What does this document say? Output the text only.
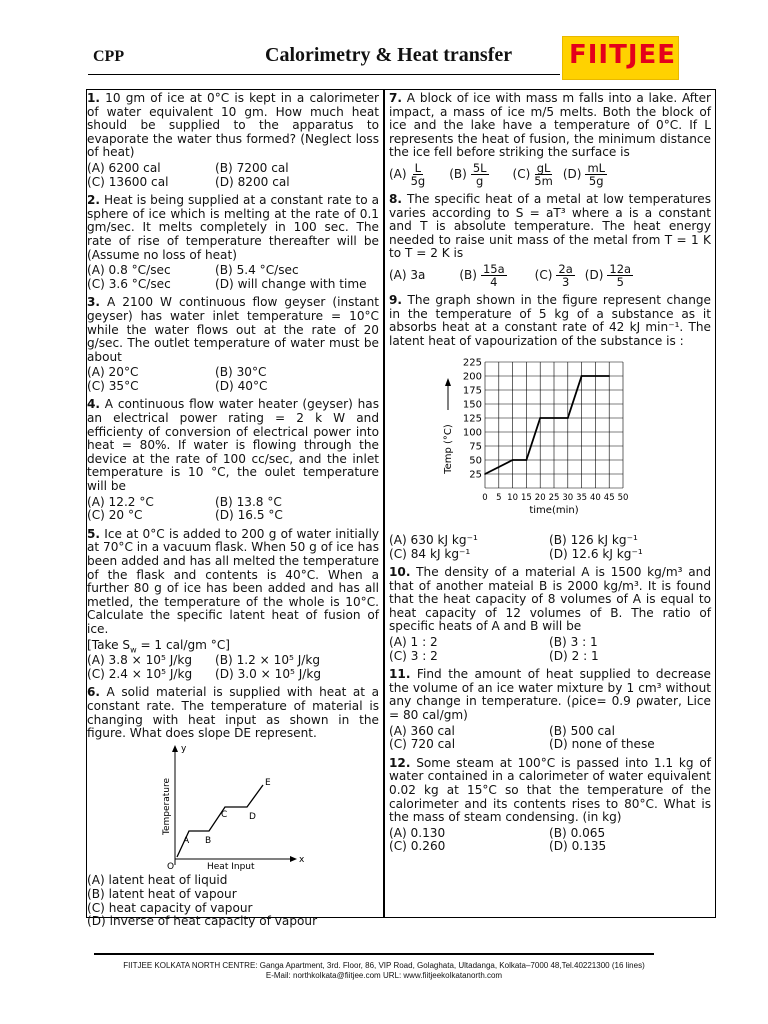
CPP	Calorimetry & Heat transfer FIITJEE

1. 10 gm of ice at 0°C is kept in a calorimeter of water equivalent 10 gm. How much heat should be supplied to the apparatus to evaporate the water thus formed? (Neglect loss of heat)

(A) 6200 cal	(B) 7200 cal
(C) 13600 cal	(D) 8200 cal

2. Heat is being supplied at a constant rate to a sphere of ice which is melting at the rate of 0.1 gm/sec. It melts completely in 100 sec. The rate of rise of temperature thereafter will be (Assume no loss of heat)

(A) 0.8 °C/sec	(B) 5.4 °C/sec
(C) 3.6 °C/sec	(D) will change with time

3. A 2100 W continuous flow geyser (instant geyser) has water inlet temperature = 10°C while the water flows out at the rate of 20 g/sec. The outlet temperature of water must be about

(A) 20°C	(B) 30°C
(C) 35°C	(D) 40°C

4. A continuous flow water heater (geyser) has an electrical power rating = 2 k W and efficienty of conversion of electrical power into heat = 80%. If water is flowing through the device at the rate of 100 cc/sec, and the inlet temperature is 10 °C, the oulet temperature will be

(A) 12.2 °C	(B) 13.8 °C
(C) 20 °C	(D) 16.5 °C

5. Ice at 0°C is added to 200 g of water initially at 70°C in a vacuum flask. When 50 g of ice has been added and has all melted the temperature of the flask and contents is 40°C. When a further 80 g of ice has been added and has all metled, the temperature of the whole is 10°C. Calculate the specific latent heat of fusion of ice.

[Take $S_w = 1$ cal/gm °C]

(A) 3.8 × 10⁵ J/kg	(B) 1.2 × 10⁵ J/kg
(C) 2.4 × 10⁵ J/kg	(D) 3.0 × 10⁵ J/kg

6. A solid material is supplied with heat at a constant rate. The temperature of material is changing with heat input as shown in the figure. What does slope DE represent.

y
x
O	Heat Input
Temperature
A B
C D
E
(A) latent heat of liquid
(B) latent heat of vapour
(C) heat capacity of vapour
(D) inverse of heat capacity of vapour

7. A block of ice with mass m falls into a lake. After impact, a mass of ice m/5 melts. Both the block of ice and the lake have a temperature of 0°C. If L represents the heat of fusion, the minimum distance the ice fell before striking the surface is

$(A) \frac{L}{5g} (B) \frac{5L}{g} (C) \frac{gL}{5m} (D) \frac{mL}{5g}$

8. The specific heat of a metal at low temperatures varies according to S = aT³ where a is a constant and T is absolute temperature. The heat energy needed to raise unit mass of the metal from T = 1 K to T = 2 K is

(A) 3a	$(B) \frac{15a}{4} (C) \frac{2a}{3} (D) \frac{12a}{5}$

9. The graph shown in the figure represent change in the temperature of 5 kg of a substance as it absorbs heat at a constant rate of 42 kJ min⁻¹. The latent heat of vapourization of the substance is :

25
50
75
100
125
150
175
200
225
0 5 10 15 20 25 30 35 40 45 50
time(min)
Temp (°C)
(A) 630 kJ kg⁻¹	(B) 126 kJ kg⁻¹
(C) 84 kJ kg⁻¹	(D) 12.6 kJ kg⁻¹

10. The density of a material A is 1500 kg/m³ and that of another mateial B is 2000 kg/m³. It is found that the heat capacity of 8 volumes of A is equal to heat capacity of 12 volumes of B. The ratio of specific heats of A and B will be

(A) 1 : 2	(B) 3 : 1
(C) 3 : 2	(D) 2 : 1

11. Find the amount of heat supplied to decrease the volume of an ice water mixture by 1 cm³ without any change in temperature. (ρice= 0.9 ρwater, Lice = 80 cal/gm)

(A) 360 cal	(B) 500 cal
(C) 720 cal	(D) none of these

12. Some steam at 100°C is passed into 1.1 kg of water contained in a calorimeter of water equivalent 0.02 kg at 15°C so that the temperature of the calorimeter and its contents rises to 80°C. What is the mass of steam condensing. (in kg)

(A) 0.130	(B) 0.065
(C) 0.260	(D) 0.135
FIITJEE KOLKATA NORTH CENTRE: Ganga Apartment, 3rd. Floor, 86, VIP Road, Golaghata, Ultadanga, Kolkata–7000 48,Tel.40221300 (16 lines)
E-Mail: northkolkata@fiitjee.com URL: www.fiitjeekolkatanorth.com
